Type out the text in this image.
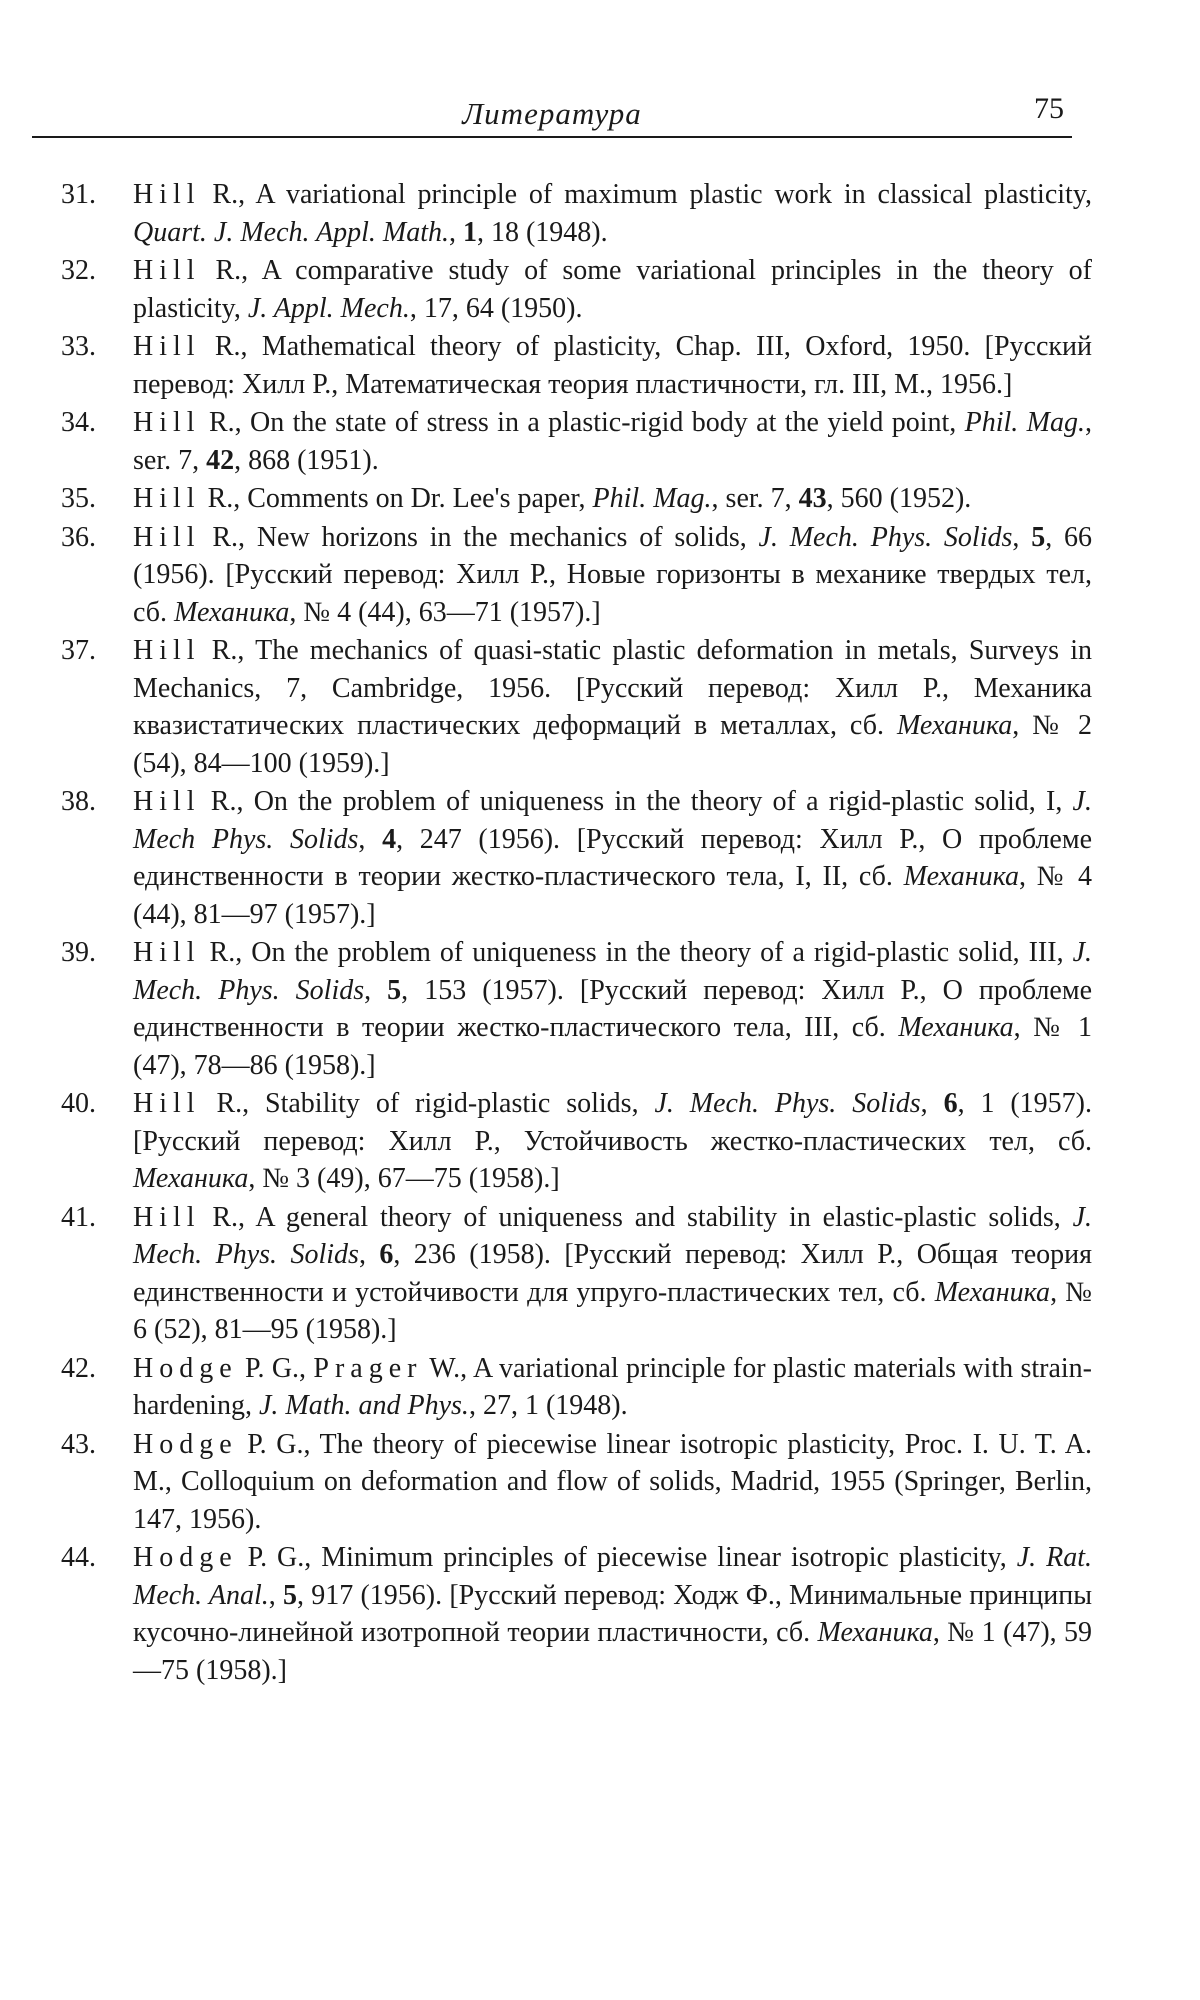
Литература	75
31. Hill R., A variational principle of maximum plastic work in classical plasticity, Quart. J. Mech. Appl. Math., 1, 18 (1948).
32. Hill R., A comparative study of some variational principles in the theory of plasticity, J. Appl. Mech., 17, 64 (1950).
33. Hill R., Mathematical theory of plasticity, Chap. III, Oxford, 1950. [Русский перевод: Хилл Р., Математическая теория пластичности, гл. III, М., 1956.]
34. Hill R., On the state of stress in a plastic-rigid body at the yield point, Phil. Mag., ser. 7, 42, 868 (1951).
35. Hill R., Comments on Dr. Lee's paper, Phil. Mag., ser. 7, 43, 560 (1952).
36. Hill R., New horizons in the mechanics of solids, J. Mech. Phys. Solids, 5, 66 (1956). [Русский перевод: Хилл Р., Новые горизонты в механике твердых тел, сб. Механика, № 4 (44), 63—71 (1957).]
37. Hill R., The mechanics of quasi-static plastic deformation in metals, Surveys in Mechanics, 7, Cambridge, 1956. [Русский перевод: Хилл Р., Механика квазистатических пластических деформаций в металлах, сб. Механика, № 2 (54), 84—100 (1959).]
38. Hill R., On the problem of uniqueness in the theory of a rigid-plastic solid, I, J. Mech Phys. Solids, 4, 247 (1956). [Русский перевод: Хилл Р., О проблеме единственности в теории жестко-пластического тела, I, II, сб. Механика, № 4 (44), 81—97 (1957).]
39. Hill R., On the problem of uniqueness in the theory of a rigid-plastic solid, III, J. Mech. Phys. Solids, 5, 153 (1957). [Русский перевод: Хилл Р., О проблеме единственности в теории жестко-пластического тела, III, сб. Механика, № 1 (47), 78—86 (1958).]
40. Hill R., Stability of rigid-plastic solids, J. Mech. Phys. Solids, 6, 1 (1957). [Русский перевод: Хилл Р., Устойчивость жестко-пластических тел, сб. Механика, № 3 (49), 67—75 (1958).]
41. Hill R., A general theory of uniqueness and stability in elastic-plastic solids, J. Mech. Phys. Solids, 6, 236 (1958). [Русский перевод: Хилл Р., Общая теория единственности и устойчивости для упруго-пластических тел, сб. Механика, № 6 (52), 81—95 (1958).]
42. Hodge P. G., Prager W., A variational principle for plastic materials with strain-hardening, J. Math. and Phys., 27, 1 (1948).
43. Hodge P. G., The theory of piecewise linear isotropic plasticity, Proc. I. U. T. A. M., Colloquium on deformation and flow of solids, Madrid, 1955 (Springer, Berlin, 147, 1956).
44. Hodge P. G., Minimum principles of piecewise linear isotropic plasticity, J. Rat. Mech. Anal., 5, 917 (1956). [Русский перевод: Ходж Ф., Минимальные принципы кусочно-линейной изотропной теории пластичности, сб. Механика, № 1 (47), 59—75 (1958).]
